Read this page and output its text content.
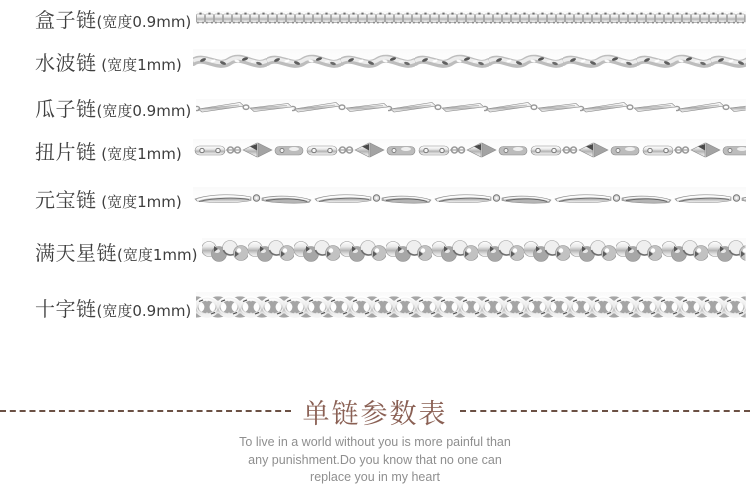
盒子链(宽度0.9mm)
水波链 (宽度1mm)
瓜子链(宽度0.9mm)
扭片链 (宽度1mm)
元宝链 (宽度1mm)
满天星链(宽度1mm)
十字链(宽度0.9mm)
单链参数表
To live in a world without you is more painful than
any punishment.Do you know that no one can
replace you in my heart
